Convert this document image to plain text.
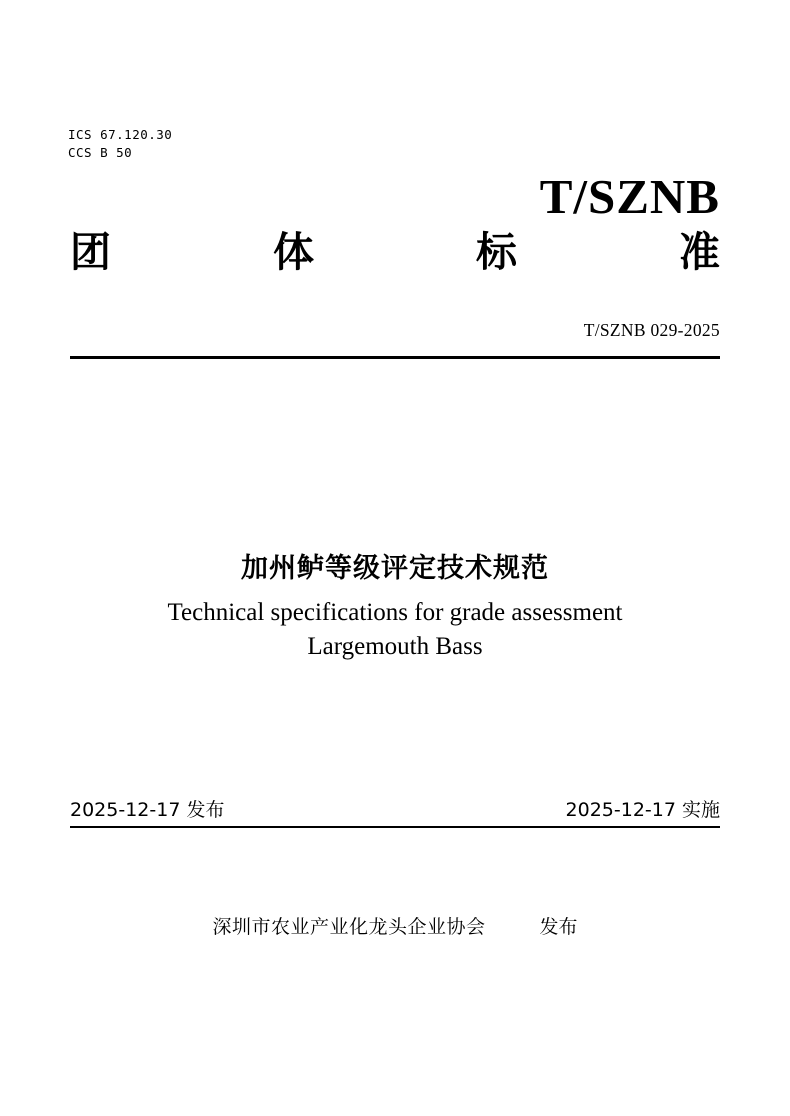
ICS 67.120.30
CCS B 50
T/SZNB
团	体	标	准
T/SZNB 029-2025
加州鲈等级评定技术规范
Technical specifications for grade assessment
Largemouth Bass
2025-12-17 发布	2025-12-17 实施
深圳市农业产业化龙头企业协会	发布
